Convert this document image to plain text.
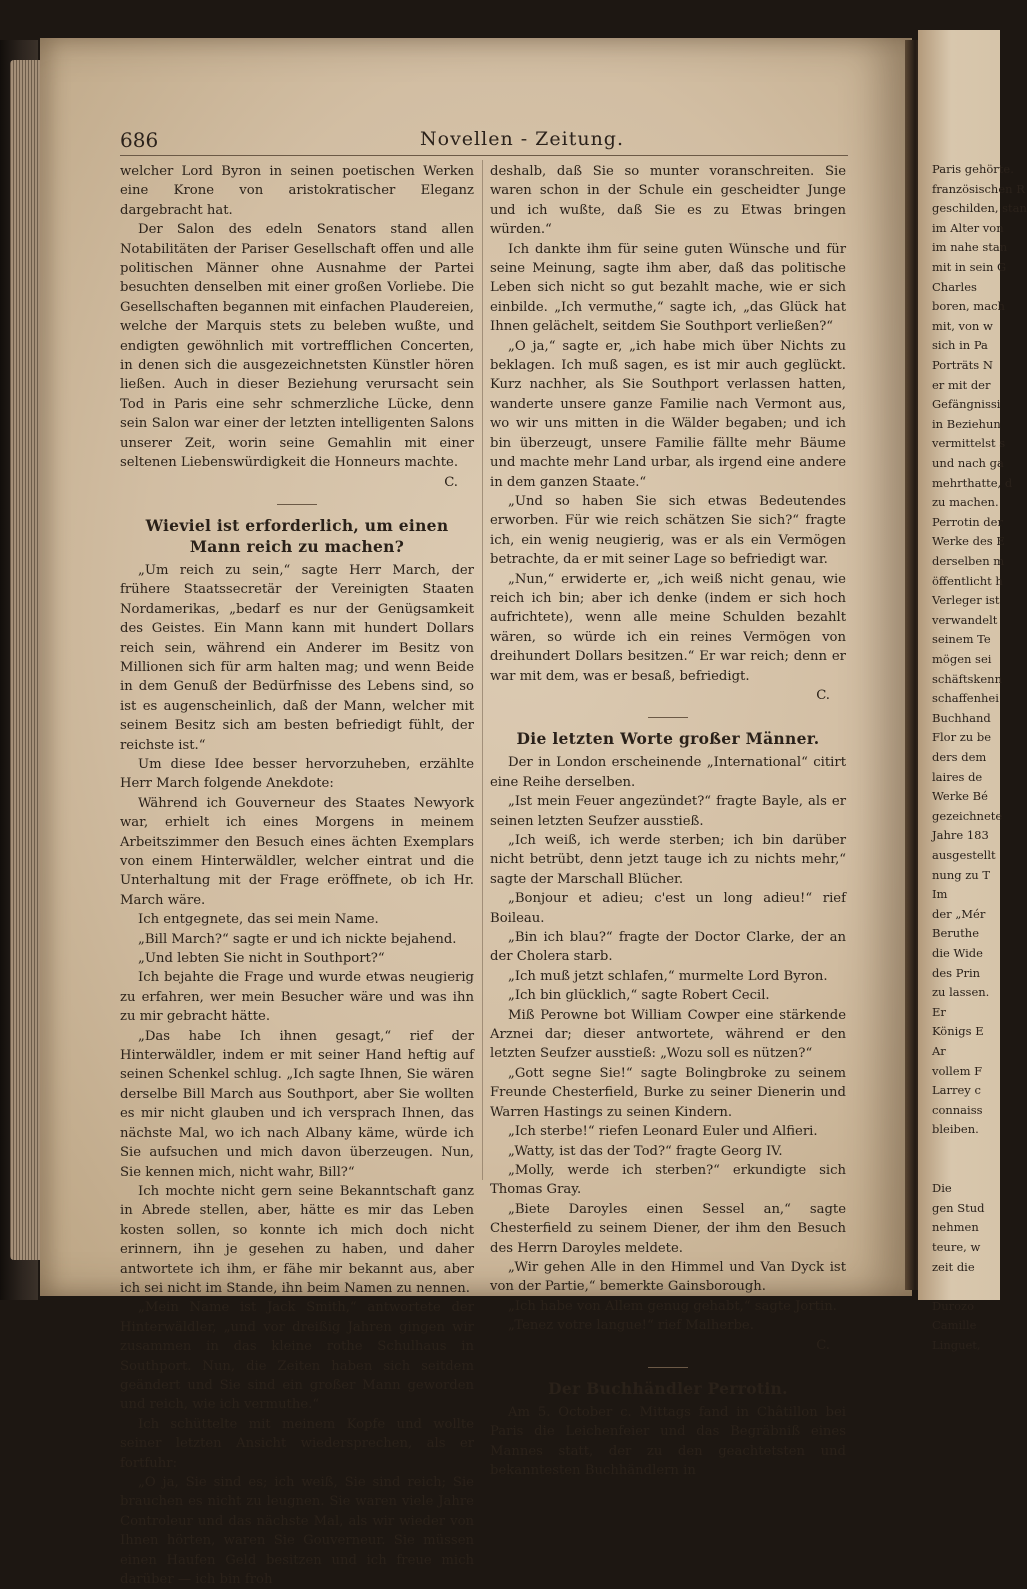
Paris gehörte.
französischen R
geschilden, stan
im Alter von
im nahe stan
mit in sein G
Charles
boren, mach
mit, von w
sich in Pa
Porträts N
er mit der
Gefängnissi
in Beziehun
vermittelst s
und nach ga
mehrthatte, d
zu machen.
Perrotin der
Werke des E
derselben m
öffentlicht h
Verleger ist
verwandelt
seinem Te
mögen sei
schäftskenn
schaffenhei
Buchhand
Flor zu be
ders dem
laires de
Werke Bé
gezeichnete
Jahre 183
ausgestellt
nung zu T
Im
der „Mér
Beruthe
die Wide
des Prin
zu lassen.
Er
Königs E
Ar
vollem F
Larrey c
connaiss
bleiben.
Die
gen Stud
nehmen
teure, w
zeit die
Durozo
Camille
Linguet,
686	Novellen - Zeitung.

welcher Lord Byron in seinen poetischen Werken eine Krone von aristokratischer Eleganz dargebracht hat.

Der Salon des edeln Senators stand allen Notabilitäten der Pariser Gesellschaft offen und alle politischen Männer ohne Ausnahme der Partei besuchten denselben mit einer großen Vorliebe. Die Gesellschaften begannen mit einfachen Plaudereien, welche der Marquis stets zu beleben wußte, und endigten gewöhnlich mit vortrefflichen Concerten, in denen sich die ausgezeichnetsten Künstler hören ließen. Auch in dieser Beziehung verursacht sein Tod in Paris eine sehr schmerzliche Lücke, denn sein Salon war einer der letzten intelligenten Salons unserer Zeit, worin seine Gemahlin mit einer seltenen Liebenswürdigkeit die Honneurs machte.

C.

Wieviel ist erforderlich, um einen Mann reich zu machen?

„Um reich zu sein,“ sagte Herr March, der frühere Staatssecretär der Vereinigten Staaten Nordamerikas, „bedarf es nur der Genügsamkeit des Geistes. Ein Mann kann mit hundert Dollars reich sein, während ein Anderer im Besitz von Millionen sich für arm halten mag; und wenn Beide in dem Genuß der Bedürfnisse des Lebens sind, so ist es augenscheinlich, daß der Mann, welcher mit seinem Besitz sich am besten befriedigt fühlt, der reichste ist.“

Um diese Idee besser hervorzuheben, erzählte Herr March folgende Anekdote:

Während ich Gouverneur des Staates Newyork war, erhielt ich eines Morgens in meinem Arbeitszimmer den Besuch eines ächten Exemplars von einem Hinterwäldler, welcher eintrat und die Unterhaltung mit der Frage eröffnete, ob ich Hr. March wäre.

Ich entgegnete, das sei mein Name.

„Bill March?“ sagte er und ich nickte bejahend.

„Und lebten Sie nicht in Southport?“

Ich bejahte die Frage und wurde etwas neugierig zu erfahren, wer mein Besucher wäre und was ihn zu mir gebracht hätte.

„Das habe Ich ihnen gesagt,“ rief der Hinterwäldler, indem er mit seiner Hand heftig auf seinen Schenkel schlug. „Ich sagte Ihnen, Sie wären derselbe Bill March aus Southport, aber Sie wollten es mir nicht glauben und ich versprach Ihnen, das nächste Mal, wo ich nach Albany käme, würde ich Sie aufsuchen und mich davon überzeugen. Nun, Sie kennen mich, nicht wahr, Bill?“

Ich mochte nicht gern seine Bekanntschaft ganz in Abrede stellen, aber, hätte es mir das Leben kosten sollen, so konnte ich mich doch nicht erinnern, ihn je gesehen zu haben, und daher antwortete ich ihm, er fähe mir bekannt aus, aber ich sei nicht im Stande, ihn beim Namen zu nennen.

„Mein Name ist Jack Smith,“ antwortete der Hinterwäldler, „und vor dreißig Jahren gingen wir zusammen in das kleine rothe Schulhaus in Southport. Nun, die Zeiten haben sich seitdem geändert und Sie sind ein großer Mann geworden und reich, wie ich vermuthe.“

Ich schüttelte mit meinem Kopfe und wollte seiner letzten Ansicht wiedersprechen, als er fortfuhr:

„O ja, Sie sind es; ich weiß, Sie sind reich; Sie brauchen es nicht zu leugnen. Sie waren viele Jahre Controleur und das nächste Mal, als wir wieder von Ihnen hörten, waren Sie Gouverneur. Sie müssen einen Haufen Geld besitzen und ich freue mich darüber — ich bin froh

deshalb, daß Sie so munter voranschreiten. Sie waren schon in der Schule ein gescheidter Junge und ich wußte, daß Sie es zu Etwas bringen würden.“

Ich dankte ihm für seine guten Wünsche und für seine Meinung, sagte ihm aber, daß das politische Leben sich nicht so gut bezahlt mache, wie er sich einbilde. „Ich vermuthe,“ sagte ich, „das Glück hat Ihnen gelächelt, seitdem Sie Southport verließen?“

„O ja,“ sagte er, „ich habe mich über Nichts zu beklagen. Ich muß sagen, es ist mir auch geglückt. Kurz nachher, als Sie Southport verlassen hatten, wanderte unsere ganze Familie nach Vermont aus, wo wir uns mitten in die Wälder begaben; und ich bin überzeugt, unsere Familie fällte mehr Bäume und machte mehr Land urbar, als irgend eine andere in dem ganzen Staate.“

„Und so haben Sie sich etwas Bedeutendes erworben. Für wie reich schätzen Sie sich?“ fragte ich, ein wenig neugierig, was er als ein Vermögen betrachte, da er mit seiner Lage so befriedigt war.

„Nun,“ erwiderte er, „ich weiß nicht genau, wie reich ich bin; aber ich denke (indem er sich hoch aufrichtete), wenn alle meine Schulden bezahlt wären, so würde ich ein reines Vermögen von dreihundert Dollars besitzen.“ Er war reich; denn er war mit dem, was er besaß, befriedigt.

C.

Die letzten Worte großer Männer.

Der in London erscheinende „International“ citirt eine Reihe derselben.

„Ist mein Feuer angezündet?“ fragte Bayle, als er seinen letzten Seufzer ausstieß.

„Ich weiß, ich werde sterben; ich bin darüber nicht betrübt, denn jetzt tauge ich zu nichts mehr,“ sagte der Marschall Blücher.

„Bonjour et adieu; c'est un long adieu!“ rief Boileau.

„Bin ich blau?“ fragte der Doctor Clarke, der an der Cholera starb.

„Ich muß jetzt schlafen,“ murmelte Lord Byron.

„Ich bin glücklich,“ sagte Robert Cecil.

Miß Perowne bot William Cowper eine stärkende Arznei dar; dieser antwortete, während er den letzten Seufzer ausstieß: „Wozu soll es nützen?“

„Gott segne Sie!“ sagte Bolingbroke zu seinem Freunde Chesterfield, Burke zu seiner Dienerin und Warren Hastings zu seinen Kindern.

„Ich sterbe!“ riefen Leonard Euler und Alfieri.

„Watty, ist das der Tod?“ fragte Georg IV.

„Molly, werde ich sterben?“ erkundigte sich Thomas Gray.

„Biete Daroyles einen Sessel an,“ sagte Chesterfield zu seinem Diener, der ihm den Besuch des Herrn Daroyles meldete.

„Wir gehen Alle in den Himmel und Van Dyck ist von der Partie,“ bemerkte Gainsborough.

„Ich habe von Allem genug gehabt,“ sagte Jortin.

„Tenez votre langue!“ rief Malherbe.

C.

Der Buchhändler Perrotin.

Am 5. October c. Mittags fand in Châtillon bei Paris die Leichenfeier und das Begräbniß eines Mannes statt, der zu den geachtetsten und bekanntesten Buchhändlern in
